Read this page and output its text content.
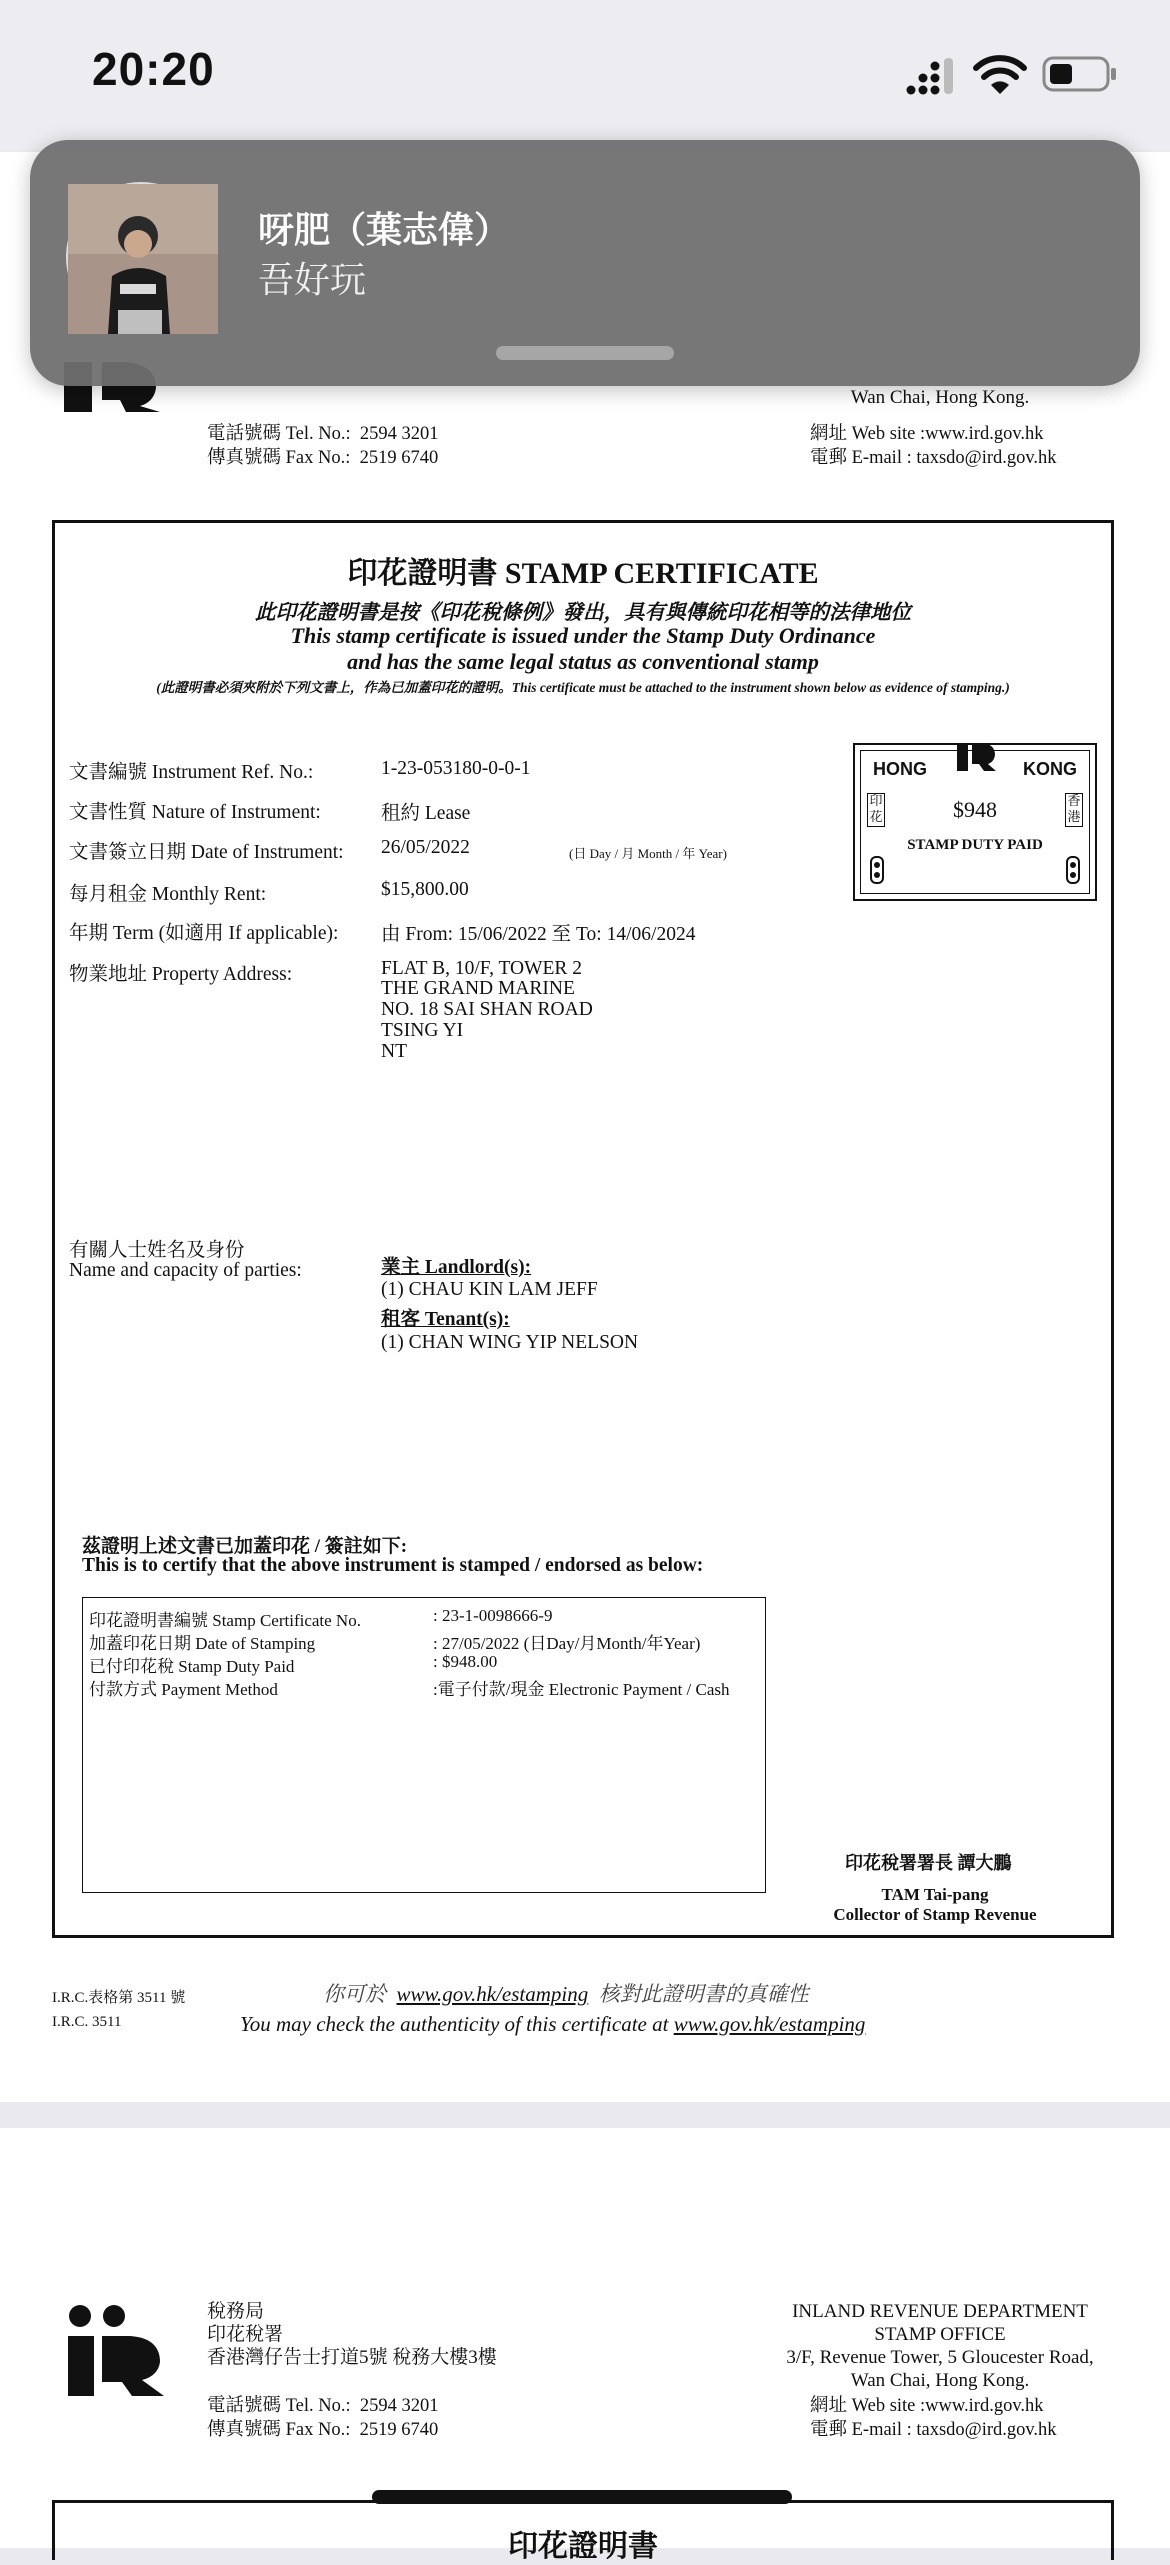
20:20
Wan Chai, Hong Kong.
電話號碼 Tel. No.: 2594 3201
傳真號碼 Fax No.: 2519 6740
網址 Web site :www.ird.gov.hk
電郵 E-mail : taxsdo@ird.gov.hk
印花證明書 STAMP CERTIFICATE
此印花證明書是按《印花稅條例》發出，具有與傳統印花相等的法律地位
This stamp certificate is issued under the Stamp Duty Ordinance
and has the same legal status as conventional stamp
(此證明書必須夾附於下列文書上，作為已加蓋印花的證明。This certificate must be attached to the instrument shown below as evidence of stamping.)
文書編號 Instrument Ref. No.:	1-23-053180-0-0-1
文書性質 Nature of Instrument:	租約 Lease
文書簽立日期 Date of Instrument: 26/05/2022	(日 Day / 月 Month / 年 Year)
每月租金 Monthly Rent:	$15,800.00
年期 Term (如適用 If applicable): 由 From: 15/06/2022 至 To: 14/06/2024
物業地址 Property Address:	FLAT B, 10/F, TOWER 2
THE GRAND MARINE
NO. 18 SAI SHAN ROAD
TSING YI
NT
有關人士姓名及身份
Name and capacity of parties:	業主 Landlord(s):
(1) CHAU KIN LAM JEFF
租客 Tenant(s):
(1) CHAN WING YIP NELSON
HONG	KONG
$948
STAMP DUTY PAID
印花
香港
茲證明上述文書已加蓋印花 / 簽註如下:
This is to certify that the above instrument is stamped / endorsed as below:
印花證明書編號 Stamp Certificate No.	: 23-1-0098666-9
加蓋印花日期 Date of Stamping	: 27/05/2022 (日Day/月Month/年Year)
已付印花稅 Stamp Duty Paid	: $948.00
付款方式 Payment Method	:電子付款/現金 Electronic Payment / Cash
印花稅署署長 譚大鵬
TAM Tai-pang
Collector of Stamp Revenue
I.R.C.表格第 3511 號
I.R.C. 3511
你可於 www.gov.hk/estamping 核對此證明書的真確性
You may check the authenticity of this certificate at www.gov.hk/estamping
稅務局
印花稅署
香港灣仔告士打道5號 稅務大樓3樓
INLAND REVENUE DEPARTMENT
STAMP OFFICE
3/F, Revenue Tower, 5 Gloucester Road,
Wan Chai, Hong Kong.
電話號碼 Tel. No.: 2594 3201
傳真號碼 Fax No.: 2519 6740
網址 Web site :www.ird.gov.hk
電郵 E-mail : taxsdo@ird.gov.hk
印花證明書
呀肥（葉志偉）
吾好玩
